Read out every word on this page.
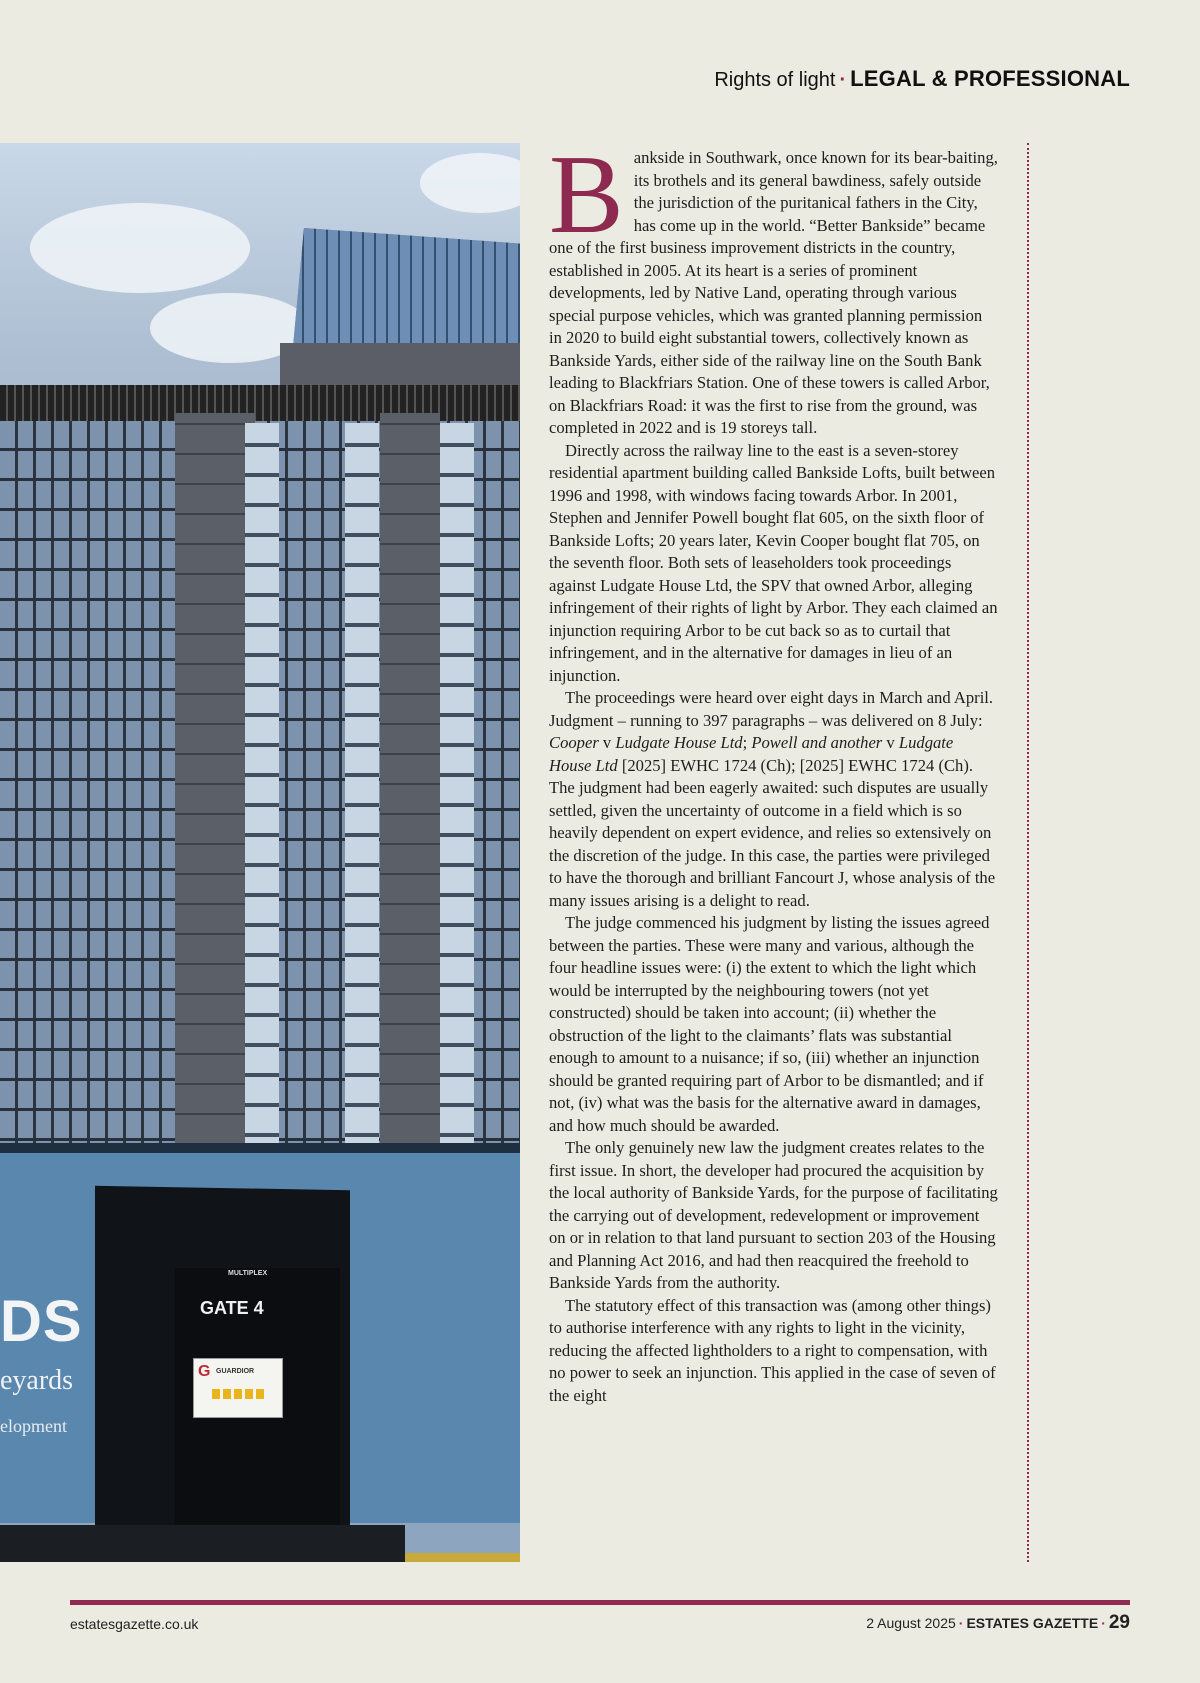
Rights of light · LEGAL & PROFESSIONAL
MULTIPLEX
GATE 4
G GUARDIOR
DS
eyards
elopment

Bankside in Southwark, once known for its bear-baiting, its brothels and its general bawdiness, safely outside the jurisdiction of the puritanical fathers in the City, has come up in the world. “Better Bankside” became one of the first business improvement districts in the country, established in 2005. At its heart is a series of prominent developments, led by Native Land, operating through various special purpose vehicles, which was granted planning permission in 2020 to build eight substantial towers, collectively known as Bankside Yards, either side of the railway line on the South Bank leading to Blackfriars Station. One of these towers is called Arbor, on Blackfriars Road: it was the first to rise from the ground, was completed in 2022 and is 19 storeys tall.

Directly across the railway line to the east is a seven-storey residential apartment building called Bankside Lofts, built between 1996 and 1998, with windows facing towards Arbor. In 2001, Stephen and Jennifer Powell bought flat 605, on the sixth floor of Bankside Lofts; 20 years later, Kevin Cooper bought flat 705, on the seventh floor. Both sets of leaseholders took proceedings against Ludgate House Ltd, the SPV that owned Arbor, alleging infringement of their rights of light by Arbor. They each claimed an injunction requiring Arbor to be cut back so as to curtail that infringement, and in the alternative for damages in lieu of an injunction.

The proceedings were heard over eight days in March and April. Judgment – running to 397 paragraphs – was delivered on 8 July: Cooper v Ludgate House Ltd; Powell and another v Ludgate House Ltd [2025] EWHC 1724 (Ch); [2025] EWHC 1724 (Ch). The judgment had been eagerly awaited: such disputes are usually settled, given the uncertainty of outcome in a field which is so heavily dependent on expert evidence, and relies so extensively on the discretion of the judge. In this case, the parties were privileged to have the thorough and brilliant Fancourt J, whose analysis of the many issues arising is a delight to read.

The judge commenced his judgment by listing the issues agreed between the parties. These were many and various, although the four headline issues were: (i) the extent to which the light which would be interrupted by the neighbouring towers (not yet constructed) should be taken into account; (ii) whether the obstruction of the light to the claimants’ flats was substantial enough to amount to a nuisance; if so, (iii) whether an injunction should be granted requiring part of Arbor to be dismantled; and if not, (iv) what was the basis for the alternative award in damages, and how much should be awarded.

The only genuinely new law the judgment creates relates to the first issue. In short, the developer had procured the acquisition by the local authority of Bankside Yards, for the purpose of facilitating the carrying out of development, redevelopment or improvement on or in relation to that land pursuant to section 203 of the Housing and Planning Act 2016, and had then reacquired the freehold to Bankside Yards from the authority.

The statutory effect of this transaction was (among other things) to authorise interference with any rights to light in the vicinity, reducing the affected lightholders to a right to compensation, with no power to seek an injunction. This applied in the case of seven of the eight

estatesgazette.co.uk	2 August 2025 · ESTATES GAZETTE · 29
